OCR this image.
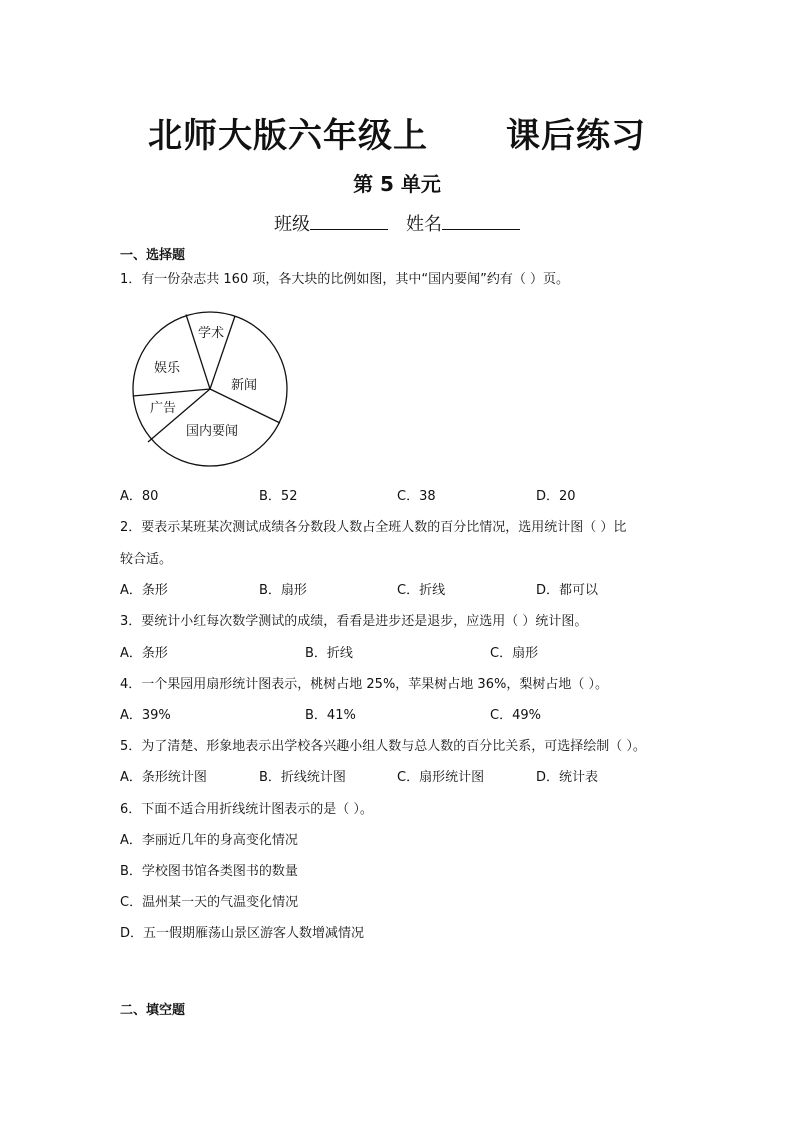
北师大版六年级上 课后练习
第 5 单元
班级	姓名
一、选择题
1．有一份杂志共 160 项，各大块的比例如图，其中“国内要闻”约有（ ）页。
学术
娱乐
新闻
广告
国内要闻
A．80	B．52	C．38	D．20
2．要表示某班某次测试成绩各分数段人数占全班人数的百分比情况，选用统计图（ ）比
较合适。
A．条形	B．扇形	C．折线	D．都可以
3．要统计小红每次数学测试的成绩，看看是进步还是退步，应选用（ ）统计图。
A．条形	B．折线	C．扇形
4．一个果园用扇形统计图表示，桃树占地 25%，苹果树占地 36%，梨树占地（ ）。
A．39%	B．41%	C．49%
5．为了清楚、形象地表示出学校各兴趣小组人数与总人数的百分比关系，可选择绘制（ ）。
A．条形统计图	B．折线统计图	C．扇形统计图	D．统计表
6．下面不适合用折线统计图表示的是（ ）。
A．李丽近几年的身高变化情况
B．学校图书馆各类图书的数量
C．温州某一天的气温变化情况
D．五一假期雁荡山景区游客人数增减情况
二、填空题
